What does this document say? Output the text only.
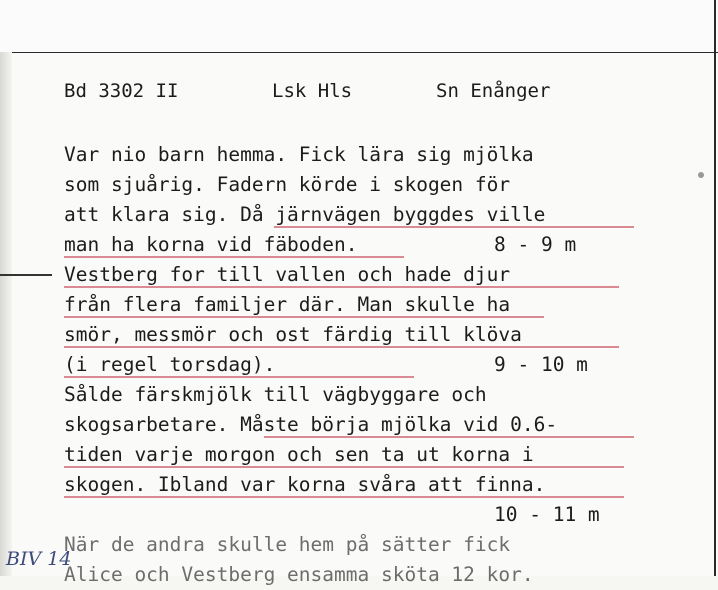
Bd 3302 II	Lsk Hls	Sn Enånger
Var nio barn hemma. Fick lära sig mjölka
som sjuårig. Fadern körde i skogen för
att klara sig. Då järnvägen byggdes ville
man ha korna vid fäboden.	8 - 9 m
Vestberg for till vallen och hade djur
från flera familjer där. Man skulle ha
smör, messmör och ost färdig till klöva
(i regel torsdag).	9 - 10 m
Sålde färskmjölk till vägbyggare och
skogsarbetare. Måste börja mjölka vid 0.6-
tiden varje morgon och sen ta ut korna i
skogen. Ibland var korna svåra att finna.
10 - 11 m
När de andra skulle hem på sätter fick
Alice och Vestberg ensamma sköta 12 kor.
BIV 14
